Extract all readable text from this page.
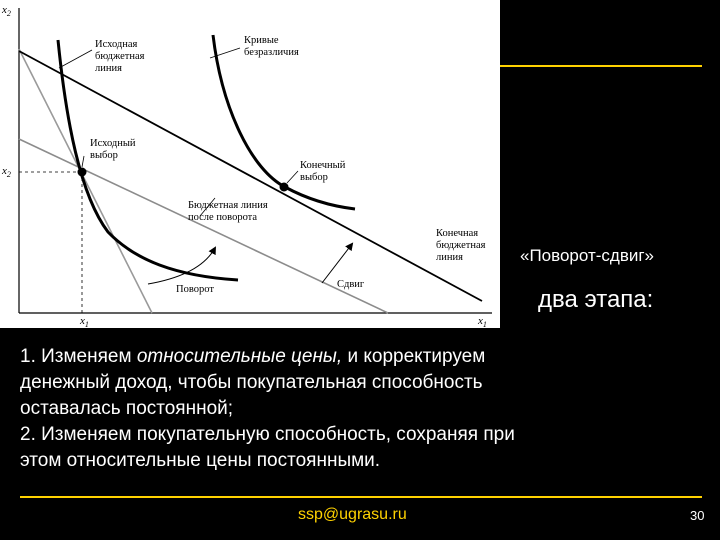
$x_2$
$x_2$
$x_1$	$x_1$
Исходная бюджетная линия
Кривые безразличия
Исходный выбор
Конечный выбор
Бюджетная линия после поворота
Конечная бюджетная линия
Поворот	Сдвиг
«Поворот-сдвиг»
два этапа:
1. Изменяем относительные цены, и корректируем
денежный доход, чтобы покупательная способность
оставалась постоянной;
2. Изменяем покупательную способность, сохраняя при
этом относительные цены постоянными.
ssp@ugrasu.ru	30
